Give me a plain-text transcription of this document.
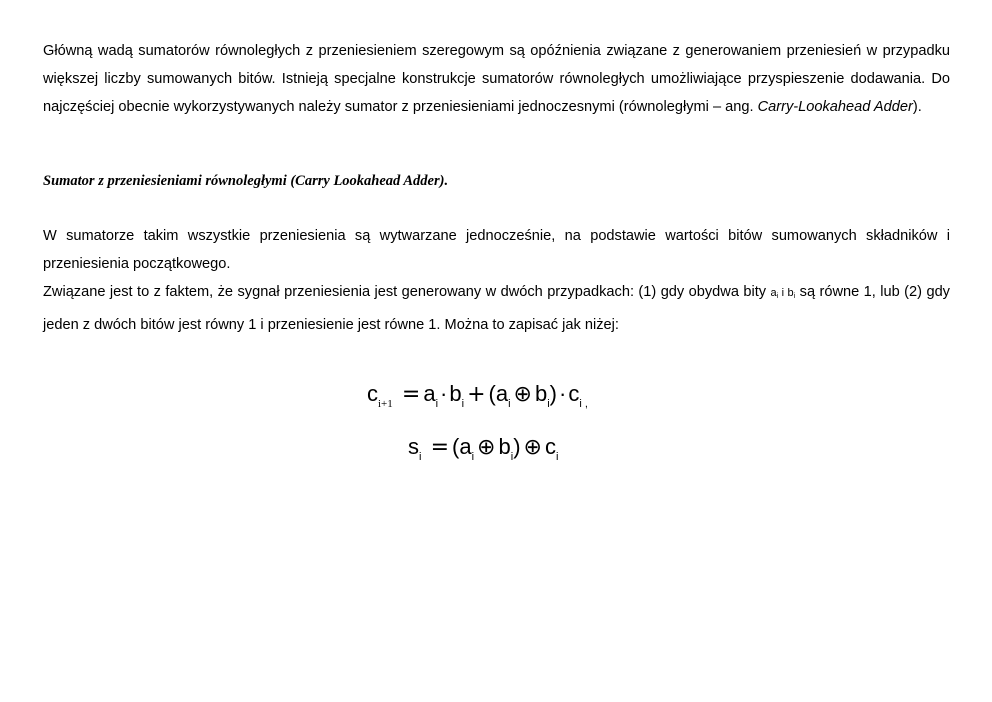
Główną wadą sumatorów równoległych z przeniesieniem szeregowym są opóźnienia związane z generowaniem przeniesień w przypadku większej liczby sumowanych bitów. Istnieją specjalne konstrukcje sumatorów równoległych umożliwiające przyspieszenie dodawania. Do najczęściej obecnie wykorzystywanych należy sumator z przeniesieniami jednoczesnymi (równoległymi – ang. Carry-Lookahead Adder).

Sumator z przeniesieniami równoległymi (Carry Lookahead Adder).

W sumatorze takim wszystkie przeniesienia są wytwarzane jednocześnie, na podstawie wartości bitów sumowanych składników i przeniesienia początkowego.
Związane jest to z faktem, że sygnał przeniesienia jest generowany w dwóch przypadkach: (1) gdy obydwa bity $a_i$ i $b_i$ są równe 1, lub (2) gdy jeden z dwóch bitów jest równy 1 i przeniesienie jest równe 1. Można to zapisać jak niżej:

$c_{i+1} = a_i\cdot b_i + (a_i$ ⊕ $b_i)\cdot c_{i ,}$
$s_i = (a_i$ ⊕ $b_i$) ⊕ $c_i$
